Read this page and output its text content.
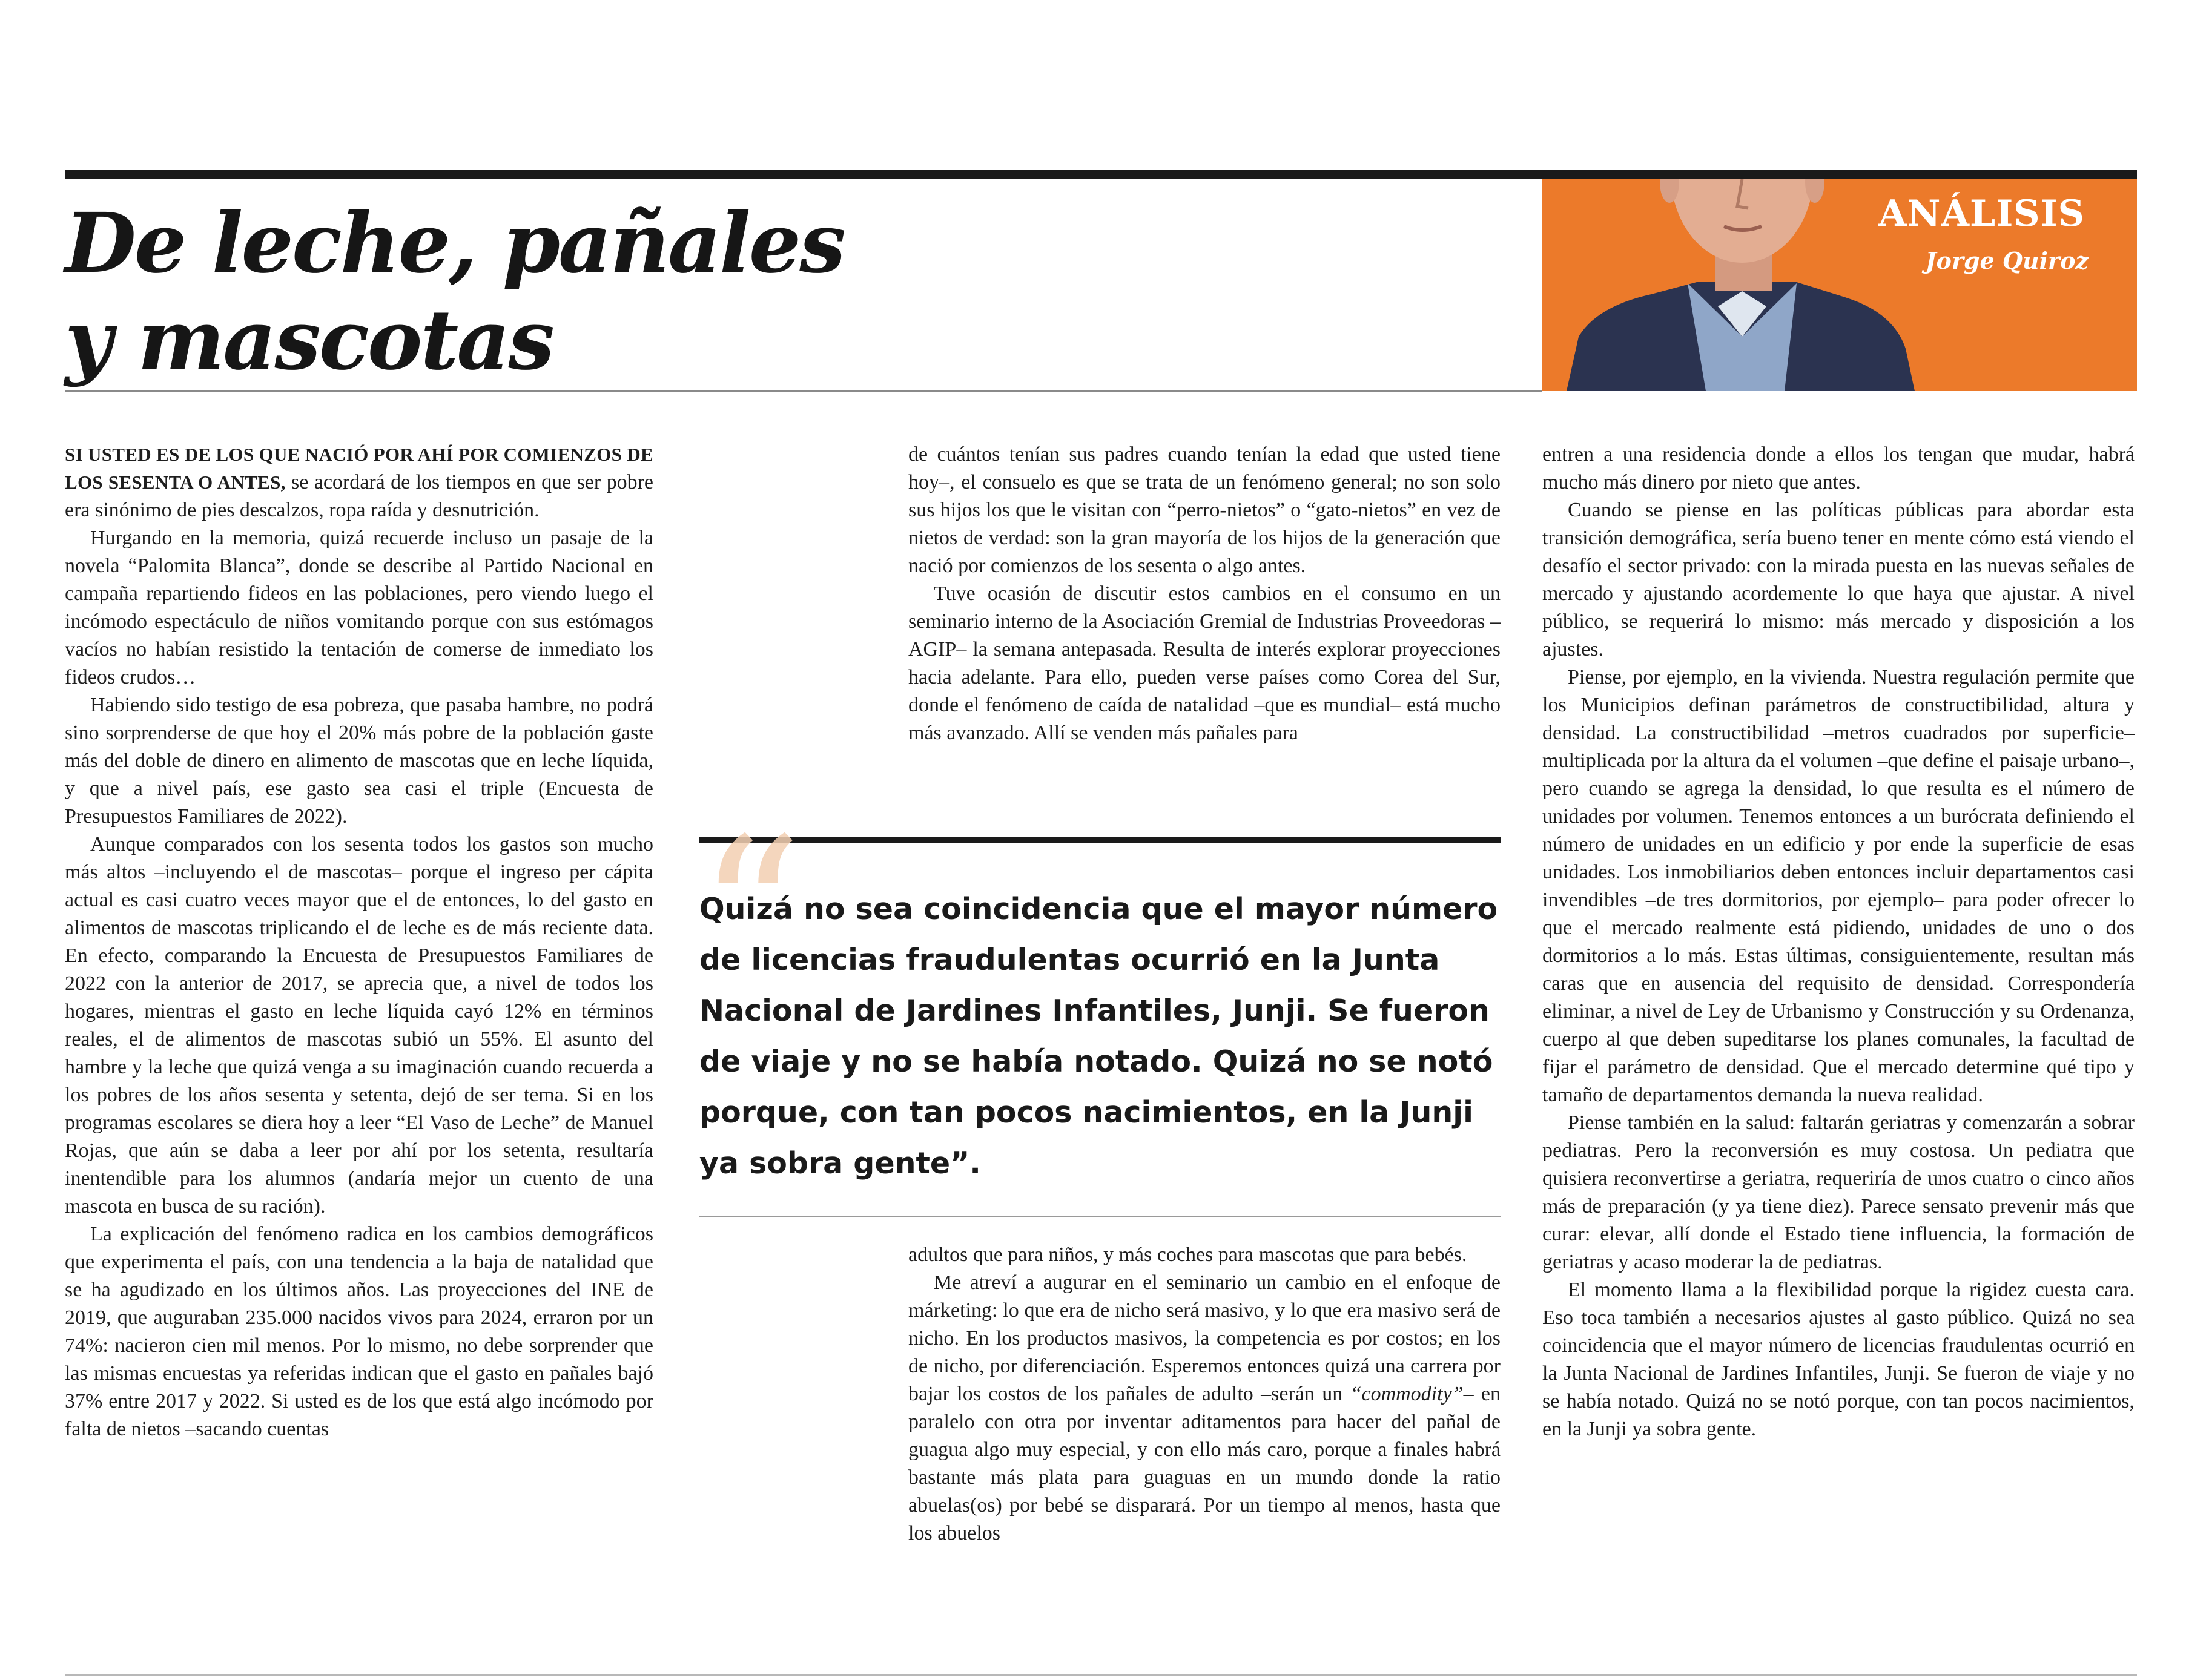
De leche, pañales
y mascotas
ANÁLISIS
Jorge Quiroz

SI USTED ES DE LOS QUE NACIÓ POR AHÍ POR COMIENZOS DE LOS SESENTA O ANTES, se acordará de los tiempos en que ser pobre era sinónimo de pies descalzos, ropa raída y desnutrición.

Hurgando en la memoria, quizá recuerde incluso un pasaje de la novela “Palomita Blanca”, donde se describe al Partido Nacional en campaña repartiendo fideos en las poblaciones, pero viendo luego el incómodo espectáculo de niños vomitando porque con sus estómagos vacíos no habían resistido la tentación de comerse de inmediato los fideos crudos…

Habiendo sido testigo de esa pobreza, que pasaba hambre, no podrá sino sorprenderse de que hoy el 20% más pobre de la población gaste más del doble de dinero en alimento de mascotas que en leche líquida, y que a nivel país, ese gasto sea casi el triple (Encuesta de Presupuestos Familiares de 2022).

Aunque comparados con los sesenta todos los gastos son mucho más altos –incluyendo el de mascotas– porque el ingreso per cápita actual es casi cuatro veces mayor que el de entonces, lo del gasto en alimentos de mascotas triplicando el de leche es de más reciente data. En efecto, comparando la Encuesta de Presupuestos Familiares de 2022 con la anterior de 2017, se aprecia que, a nivel de todos los hogares, mientras el gasto en leche líquida cayó 12% en términos reales, el de alimentos de mascotas subió un 55%. El asunto del hambre y la leche que quizá venga a su imaginación cuando recuerda a los pobres de los años sesenta y setenta, dejó de ser tema. Si en los programas escolares se diera hoy a leer “El Vaso de Leche” de Manuel Rojas, que aún se daba a leer por ahí por los setenta, resultaría inentendible para los alumnos (andaría mejor un cuento de una mascota en busca de su ración).

La explicación del fenómeno radica en los cambios demográficos que experimenta el país, con una tendencia a la baja de natalidad que se ha agudizado en los últimos años. Las proyecciones del INE de 2019, que auguraban 235.000 nacidos vivos para 2024, erraron por un 74%: nacieron cien mil menos. Por lo mismo, no debe sorprender que las mismas encuestas ya referidas indican que el gasto en pañales bajó 37% entre 2017 y 2022. Si usted es de los que está algo incómodo por falta de nietos –sacando cuentas

de cuántos tenían sus padres cuando tenían la edad que usted tiene hoy–, el consuelo es que se trata de un fenómeno general; no son solo sus hijos los que le visitan con “perro-nietos” o “gato-nietos” en vez de nietos de verdad: son la gran mayoría de los hijos de la generación que nació por comienzos de los sesenta o algo antes.

Tuve ocasión de discutir estos cambios en el consumo en un seminario interno de la Asociación Gremial de Industrias Proveedoras –AGIP– la semana antepasada. Resulta de interés explorar proyecciones hacia adelante. Para ello, pueden verse países como Corea del Sur, donde el fenómeno de caída de natalidad –que es mundial– está mucho más avanzado. Allí se venden más pañales para

“

Quizá no sea coincidencia que el mayor número de licencias fraudulentas ocurrió en la Junta Nacional de Jardines Infantiles, Junji. Se fueron de viaje y no se había notado. Quizá no se notó porque, con tan pocos nacimientos, en la Junji ya sobra gente”.

adultos que para niños, y más coches para mascotas que para bebés.

Me atreví a augurar en el seminario un cambio en el enfoque de márketing: lo que era de nicho será masivo, y lo que era masivo será de nicho. En los productos masivos, la competencia es por costos; en los de nicho, por diferenciación. Esperemos entonces quizá una carrera por bajar los costos de los pañales de adulto –serán un “commodity”– en paralelo con otra por inventar aditamentos para hacer del pañal de guagua algo muy especial, y con ello más caro, porque a finales habrá bastante más plata para guaguas en un mundo donde la ratio abuelas(os) por bebé se disparará. Por un tiempo al menos, hasta que los abuelos

entren a una residencia donde a ellos los tengan que mudar, habrá mucho más dinero por nieto que antes.

Cuando se piense en las políticas públicas para abordar esta transición demográfica, sería bueno tener en mente cómo está viendo el desafío el sector privado: con la mirada puesta en las nuevas señales de mercado y ajustando acordemente lo que haya que ajustar. A nivel público, se requerirá lo mismo: más mercado y disposición a los ajustes.

Piense, por ejemplo, en la vivienda. Nuestra regulación permite que los Municipios definan parámetros de constructibilidad, altura y densidad. La constructibilidad –metros cuadrados por superficie– multiplicada por la altura da el volumen –que define el paisaje urbano–, pero cuando se agrega la densidad, lo que resulta es el número de unidades por volumen. Tenemos entonces a un burócrata definiendo el número de unidades en un edificio y por ende la superficie de esas unidades. Los inmobiliarios deben entonces incluir departamentos casi invendibles –de tres dormitorios, por ejemplo– para poder ofrecer lo que el mercado realmente está pidiendo, unidades de uno o dos dormitorios a lo más. Estas últimas, consiguientemente, resultan más caras que en ausencia del requisito de densidad. Correspondería eliminar, a nivel de Ley de Urbanismo y Construcción y su Ordenanza, cuerpo al que deben supeditarse los planes comunales, la facultad de fijar el parámetro de densidad. Que el mercado determine qué tipo y tamaño de departamentos demanda la nueva realidad.

Piense también en la salud: faltarán geriatras y comenzarán a sobrar pediatras. Pero la reconversión es muy costosa. Un pediatra que quisiera reconvertirse a geriatra, requeriría de unos cuatro o cinco años más de preparación (y ya tiene diez). Parece sensato prevenir más que curar: elevar, allí donde el Estado tiene influencia, la formación de geriatras y acaso moderar la de pediatras.

El momento llama a la flexibilidad porque la rigidez cuesta cara. Eso toca también a necesarios ajustes al gasto público. Quizá no sea coincidencia que el mayor número de licencias fraudulentas ocurrió en la Junta Nacional de Jardines Infantiles, Junji. Se fueron de viaje y no se había notado. Quizá no se notó porque, con tan pocos nacimientos, en la Junji ya sobra gente.
